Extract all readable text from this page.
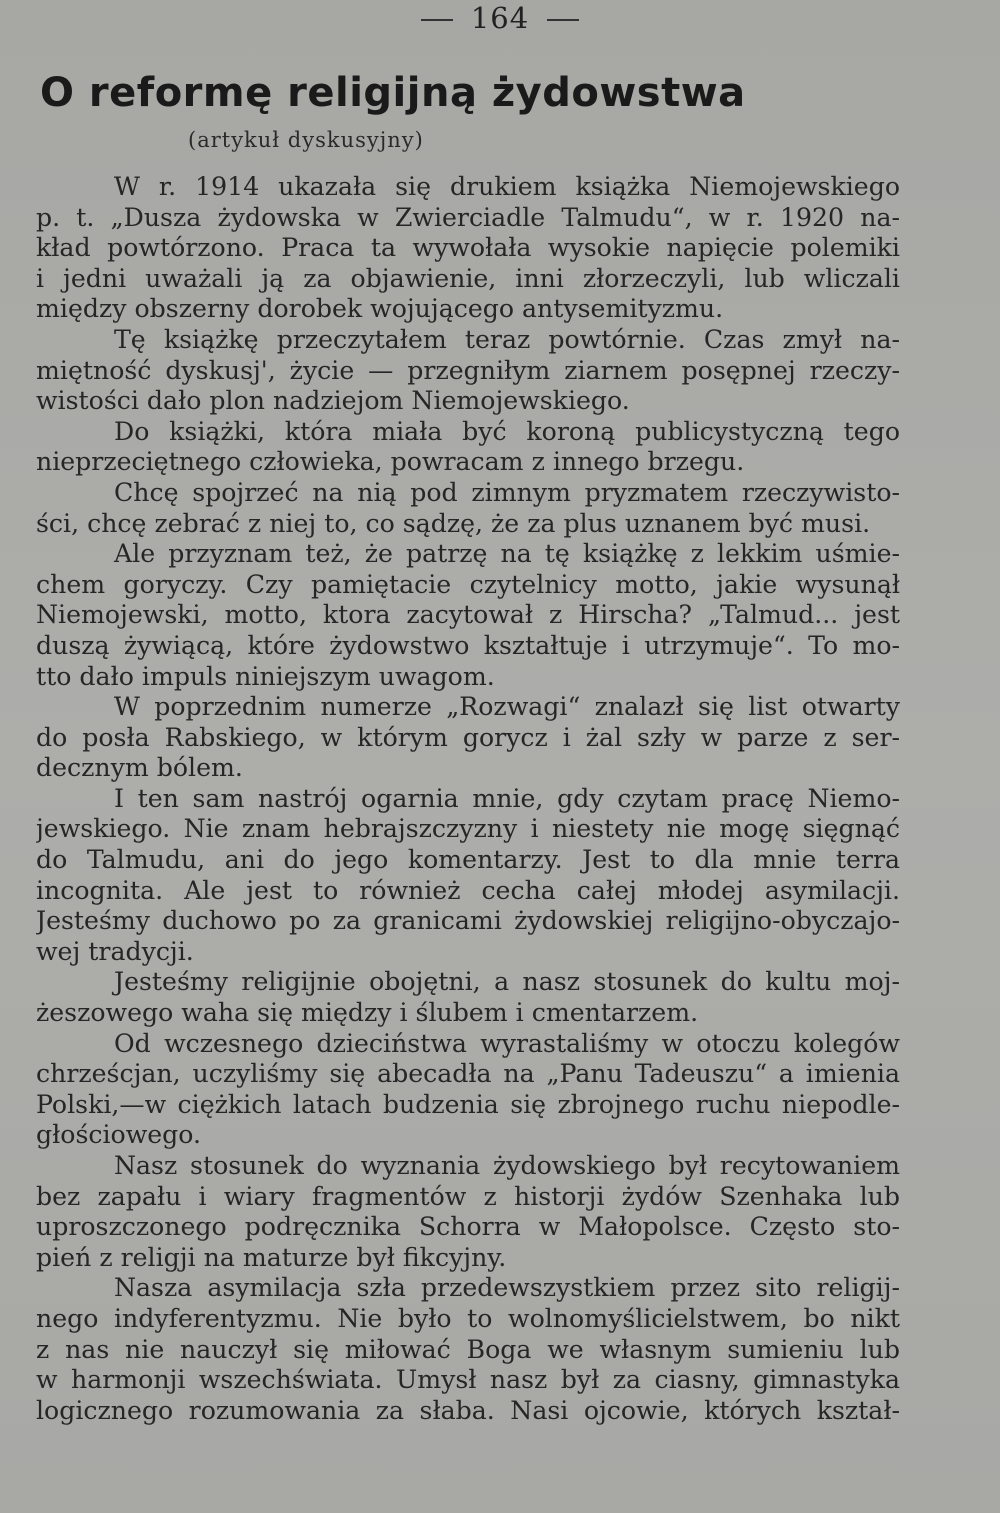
164
O reformę religijną żydowstwa
(artykuł dyskusyjny)
W r. 1914 ukazała się drukiem książka Niemojewskiego
p. t. „Dusza żydowska w Zwierciadle Talmudu“, w r. 1920 na-
kład powtórzono. Praca ta wywołała wysokie napięcie polemiki
i jedni uważali ją za objawienie, inni złorzeczyli, lub wliczali
między obszerny dorobek wojującego antysemityzmu.
Tę książkę przeczytałem teraz powtórnie. Czas zmył na-
miętność dyskusj', życie — przegniłym ziarnem posępnej rzeczy-
wistości dało plon nadziejom Niemojewskiego.
Do książki, która miała być koroną publicystyczną tego
nieprzeciętnego człowieka, powracam z innego brzegu.
Chcę spojrzeć na nią pod zimnym pryzmatem rzeczywisto-
ści, chcę zebrać z niej to, co sądzę, że za plus uznanem być musi.
Ale przyznam też, że patrzę na tę książkę z lekkim uśmie-
chem goryczy. Czy pamiętacie czytelnicy motto, jakie wysunął
Niemojewski, motto, ktora zacytował z Hirscha? „Talmud... jest
duszą żywiącą, które żydowstwo kształtuje i utrzymuje“. To mo-
tto dało impuls niniejszym uwagom.
W poprzednim numerze „Rozwagi“ znalazł się list otwarty
do posła Rabskiego, w którym gorycz i żal szły w parze z ser-
decznym bólem.
I ten sam nastrój ogarnia mnie, gdy czytam pracę Niemo-
jewskiego. Nie znam hebrajszczyzny i niestety nie mogę sięgnąć
do Talmudu, ani do jego komentarzy. Jest to dla mnie terra
incognita. Ale jest to również cecha całej młodej asymilacji.
Jesteśmy duchowo po za granicami żydowskiej religijno-obyczajo-
wej tradycji.
Jesteśmy religijnie obojętni, a nasz stosunek do kultu moj-
żeszowego waha się między i ślubem i cmentarzem.
Od wczesnego dzieciństwa wyrastaliśmy w otoczu kolegów
chrześcjan, uczyliśmy się abecadła na „Panu Tadeuszu“ a imienia
Polski,—w ciężkich latach budzenia się zbrojnego ruchu niepodle-
głościowego.
Nasz stosunek do wyznania żydowskiego był recytowaniem
bez zapału i wiary fragmentów z historji żydów Szenhaka lub
uproszczonego podręcznika Schorra w Małopolsce. Często sto-
pień z religji na maturze był fikcyjny.
Nasza asymilacja szła przedewszystkiem przez sito religij-
nego indyferentyzmu. Nie było to wolnomyślicielstwem, bo nikt
z nas nie nauczył się miłować Boga we własnym sumieniu lub
w harmonji wszechświata. Umysł nasz był za ciasny, gimnastyka
logicznego rozumowania za słaba. Nasi ojcowie, których kształ-
